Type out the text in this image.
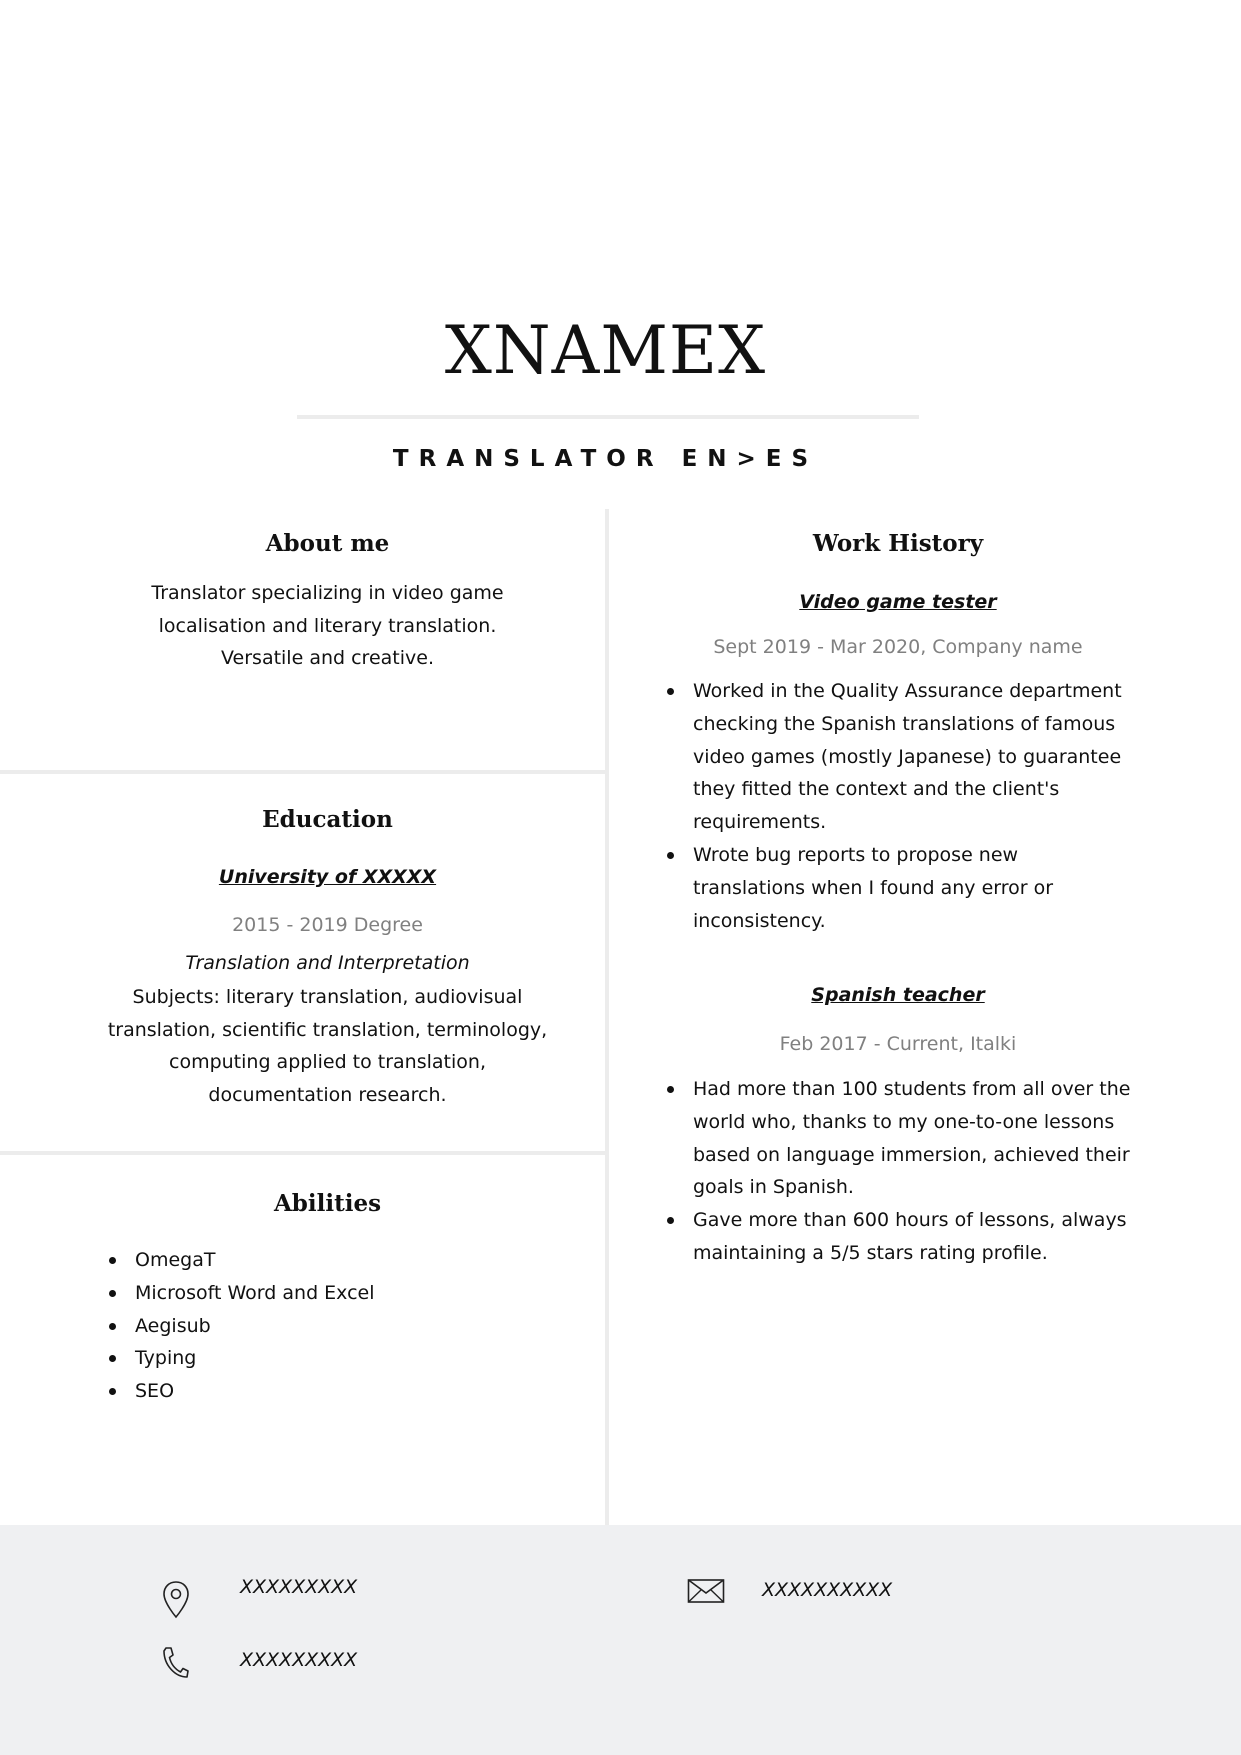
XNAMEX
TRANSLATOR EN>ES
About me
Translator specializing in video game
localisation and literary translation.
Versatile and creative.
Education
University of XXXXX
2015 - 2019 Degree
Translation and Interpretation
Subjects: literary translation, audiovisual
translation, scientific translation, terminology,
computing applied to translation,
documentation research.
Abilities
OmegaT
Microsoft Word and Excel
Aegisub
Typing
SEO
Work History
Video game tester
Sept 2019 - Mar 2020, Company name
Worked in the Quality Assurance department
checking the Spanish translations of famous
video games (mostly Japanese) to guarantee
they fitted the context and the client's
requirements.
Wrote bug reports to propose new
translations when I found any error or
inconsistency.
Spanish teacher
Feb 2017 - Current, Italki
Had more than 100 students from all over the
world who, thanks to my one-to-one lessons
based on language immersion, achieved their
goals in Spanish.
Gave more than 600 hours of lessons, always
maintaining a 5/5 stars rating profile.
XXXXXXXXX
XXXXXXXXX
XXXXXXXXXX
